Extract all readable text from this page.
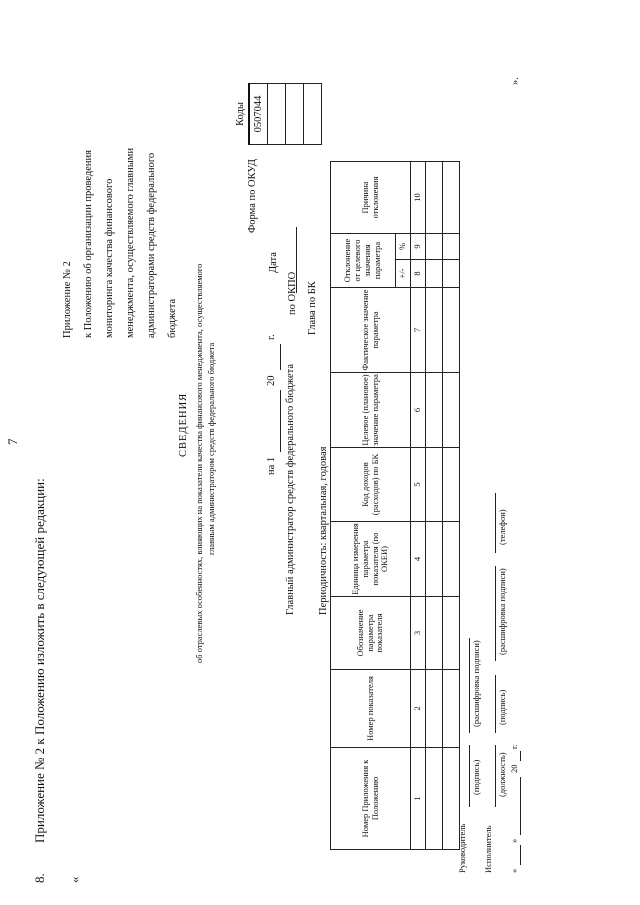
7
8.
Приложение № 2 к Положению изложить в следующей редакции:
«
Приложение № 2 к Положению об организации проведения мониторинга качества финансового менеджмента, осуществляемого главными администраторами средств федерального бюджета
СВЕДЕНИЯ об отраслевых особенностях, влияющих на показатели качества финансового менеджмента, осуществляемого главным администратором средств федерального бюджета	на 1
20
г.
Форма по ОКУД
Дата
по ОКПО Глава по БК
Главный администратор средств федерального бюджета Периодичность: квартальная, годовая
Коды
0507044

Номер Приложения к Положению	Номер показателя	Обозначение параметра показателя	Единица измерения параметра показателя (по ОКЕИ)	Код доходов (расходов) по БК	Целевое (плановое) значение параметра	Фактическое значение параметра	Отклонение от целевого значения параметра		Причина отклонения
							+/-	%	
1	2	3	4	5	6	7	8	9	10

Руководитель
(подпись)
(расшифровка подписи)
Исполнитель
(должность)
(подпись)
(расшифровка подписи)
(телефон)
«
»
20
г.
».
